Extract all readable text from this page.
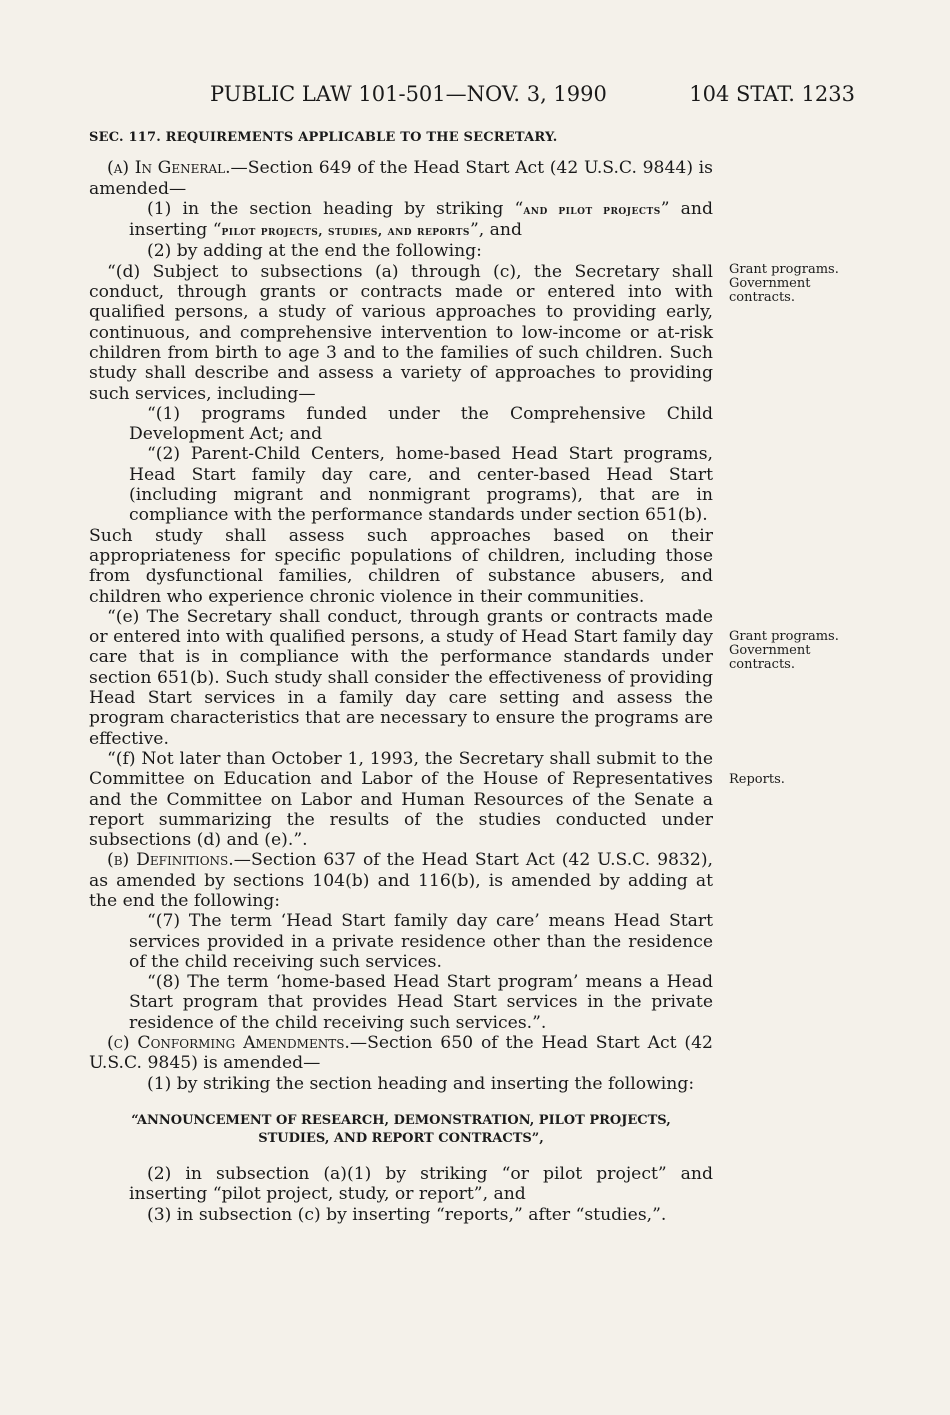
PUBLIC LAW 101-501—NOV. 3, 1990	104 STAT. 1233

SEC. 117. REQUIREMENTS APPLICABLE TO THE SECRETARY.

(a) In General.—Section 649 of the Head Start Act (42 U.S.C. 9844) is amended—

(1) in the section heading by striking “and pilot projects” and inserting “pilot projects, studies, and reports”, and

(2) by adding at the end the following:

“(d) Subject to subsections (a) through (c), the Secretary shall conduct, through grants or contracts made or entered into with qualified persons, a study of various approaches to providing early, continuous, and comprehensive intervention to low-income or at-risk children from birth to age 3 and to the families of such children. Such study shall describe and assess a variety of approaches to providing such services, including—

“(1) programs funded under the Comprehensive Child Development Act; and

“(2) Parent-Child Centers, home-based Head Start programs, Head Start family day care, and center-based Head Start (including migrant and nonmigrant programs), that are in compliance with the performance standards under section 651(b).

Such study shall assess such approaches based on their appropriateness for specific populations of children, including those from dysfunctional families, children of substance abusers, and children who experience chronic violence in their communities.

“(e) The Secretary shall conduct, through grants or contracts made or entered into with qualified persons, a study of Head Start family day care that is in compliance with the performance standards under section 651(b). Such study shall consider the effectiveness of providing Head Start services in a family day care setting and assess the program characteristics that are necessary to ensure the programs are effective.

“(f) Not later than October 1, 1993, the Secretary shall submit to the Committee on Education and Labor of the House of Representatives and the Committee on Labor and Human Resources of the Senate a report summarizing the results of the studies conducted under subsections (d) and (e).”.

(b) Definitions.—Section 637 of the Head Start Act (42 U.S.C. 9832), as amended by sections 104(b) and 116(b), is amended by adding at the end the following:

“(7) The term ‘Head Start family day care’ means Head Start services provided in a private residence other than the residence of the child receiving such services.

“(8) The term ‘home-based Head Start program’ means a Head Start program that provides Head Start services in the private residence of the child receiving such services.”.

(c) Conforming Amendments.—Section 650 of the Head Start Act (42 U.S.C. 9845) is amended—

(1) by striking the section heading and inserting the following:

“ANNOUNCEMENT OF RESEARCH, DEMONSTRATION, PILOT PROJECTS,
STUDIES, AND REPORT CONTRACTS”,

(2) in subsection (a)(1) by striking “or pilot project” and inserting “pilot project, study, or report”, and

(3) in subsection (c) by inserting “reports,” after “studies,”.

Grant programs.
Government
contracts.
Grant programs.
Government
contracts.
Reports.
